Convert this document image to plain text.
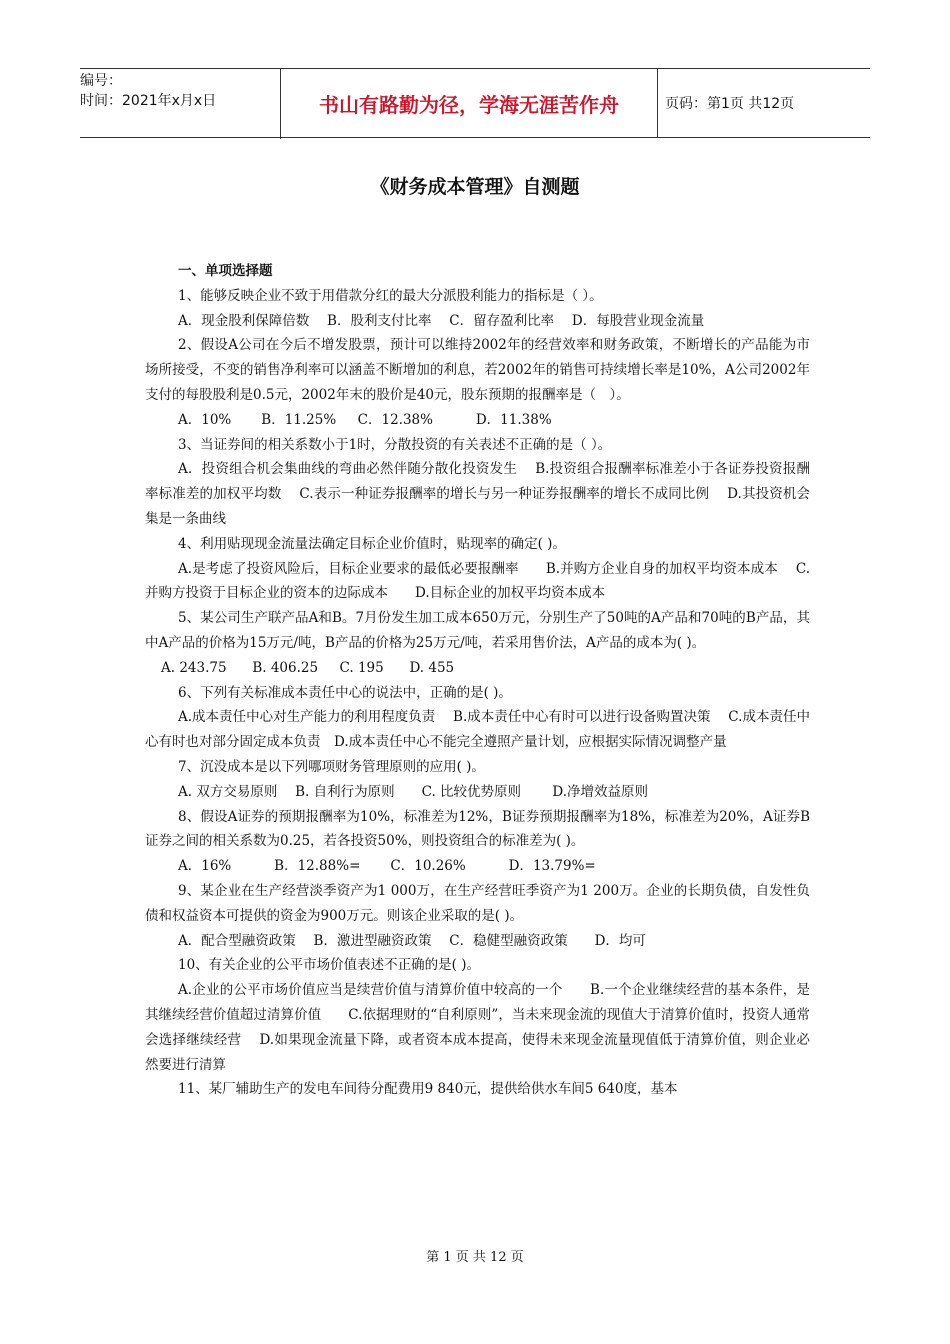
编号：
时间：2021年x月x日	书山有路勤为径，学海无涯苦作舟	页码：第1页 共12页
《财务成本管理》自测题

一、单项选择题

1、能够反映企业不致于用借款分红的最大分派股利能力的指标是（ ）。

A．现金股利保障倍数　 B．股利支付比率　 C．留存盈利比率　 D．每股营业现金流量

2、假设A公司在今后不增发股票，预计可以维持2002年的经营效率和财务政策，不断增长的产品能为市场所接受，不变的销售净利率可以涵盖不断增加的利息，若2002年的销售可持续增长率是10%，A公司2002年支付的每股股利是0.5元，2002年末的股价是40元，股东预期的报酬率是（　）。

A．10%       B．11.25%     C．12.38%          D．11.38%

3、当证券间的相关系数小于1时，分散投资的有关表述不正确的是（ ）。

A．投资组合机会集曲线的弯曲必然伴随分散化投资发生　 B.投资组合报酬率标准差小于各证券投资报酬率标准差的加权平均数　 C.表示一种证券报酬率的增长与另一种证券报酬率的增长不成同比例　 D.其投资机会集是一条曲线

4、利用贴现现金流量法确定目标企业价值时，贴现率的确定( )。

A.是考虑了投资风险后，目标企业要求的最低必要报酬率　　B.并购方企业自身的加权平均资本成本　 C.并购方投资于目标企业的资本的边际成本　　D.目标企业的加权平均资本成本

5、某公司生产联产品A和B。7月份发生加工成本650万元，分别生产了50吨的A产品和70吨的B产品，其中A产品的价格为15万元/吨，B产品的价格为25万元/吨，若采用售价法，A产品的成本为( )。

A. 243.75      B. 406.25     C. 195      D. 455

6、下列有关标准成本责任中心的说法中，正确的是( )。

A.成本责任中心对生产能力的利用程度负责　 B.成本责任中心有时可以进行设备购置决策　 C.成本责任中心有时也对部分固定成本负责　D.成本责任中心不能完全遵照产量计划，应根据实际情况调整产量

7、沉没成本是以下列哪项财务管理原则的应用( )。

A. 双方交易原则　 B. 自利行为原则　　C. 比较优势原则　　 D.净增效益原则

8、假设A证券的预期报酬率为10%，标准差为12%，B证券预期报酬率为18%，标准差为20%，A证券B证券之间的相关系数为0.25，若各投资50%，则投资组合的标准差为( )。

A．16%          B．12.88%=       C．10.26%          D．13.79%=

9、某企业在生产经营淡季资产为1 000万，在生产经营旺季资产为1 200万。企业的长期负债，自发性负债和权益资本可提供的资金为900万元。则该企业采取的是( )。

A．配合型融资政策　 B．激进型融资政策　 C．稳健型融资政策　　D．均可

10、有关企业的公平市场价值表述不正确的是( )。

A.企业的公平市场价值应当是续营价值与清算价值中较高的一个　　B.一个企业继续经营的基本条件，是其继续经营价值超过清算价值　　C.依据理财的“自利原则”，当未来现金流的现值大于清算价值时，投资人通常会选择继续经营　 D.如果现金流量下降，或者资本成本提高，使得未来现金流量现值低于清算价值，则企业必然要进行清算

11、某厂辅助生产的发电车间待分配费用9 840元，提供给供水车间5 640度，基本

第 1 页 共 12 页
